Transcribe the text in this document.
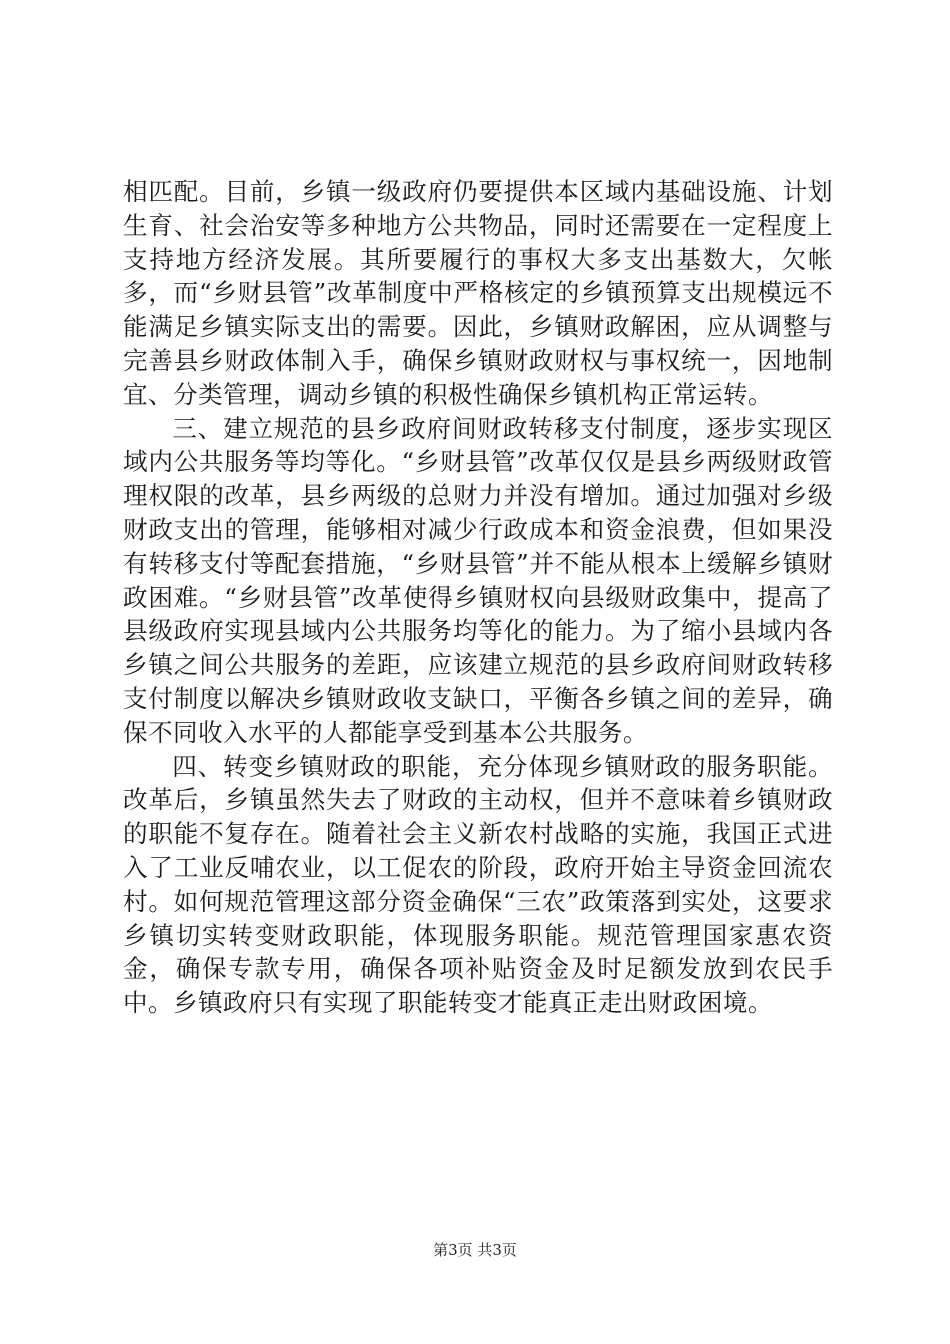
相匹配。目前，乡镇一级政府仍要提供本区域内基础设施、计划生育、社会治安等多种地方公共物品，同时还需要在一定程度上支持地方经济发展。其所要履行的事权大多支出基数大，欠帐多，而“乡财县管”改革制度中严格核定的乡镇预算支出规模远不能满足乡镇实际支出的需要。因此，乡镇财政解困，应从调整与完善县乡财政体制入手，确保乡镇财政财权与事权统一，因地制宜、分类管理，调动乡镇的积极性确保乡镇机构正常运转。

三、建立规范的县乡政府间财政转移支付制度，逐步实现区域内公共服务等均等化。“乡财县管”改革仅仅是县乡两级财政管理权限的改革，县乡两级的总财力并没有增加。通过加强对乡级财政支出的管理，能够相对减少行政成本和资金浪费，但如果没有转移支付等配套措施，“乡财县管”并不能从根本上缓解乡镇财政困难。“乡财县管”改革使得乡镇财权向县级财政集中，提高了县级政府实现县域内公共服务均等化的能力。为了缩小县域内各乡镇之间公共服务的差距，应该建立规范的县乡政府间财政转移支付制度以解决乡镇财政收支缺口，平衡各乡镇之间的差异，确保不同收入水平的人都能享受到基本公共服务。

四、转变乡镇财政的职能，充分体现乡镇财政的服务职能。改革后，乡镇虽然失去了财政的主动权，但并不意味着乡镇财政的职能不复存在。随着社会主义新农村战略的实施，我国正式进入了工业反哺农业，以工促农的阶段，政府开始主导资金回流农村。如何规范管理这部分资金确保“三农”政策落到实处，这要求乡镇切实转变财政职能，体现服务职能。规范管理国家惠农资金，确保专款专用，确保各项补贴资金及时足额发放到农民手中。乡镇政府只有实现了职能转变才能真正走出财政困境。

第3页 共3页
